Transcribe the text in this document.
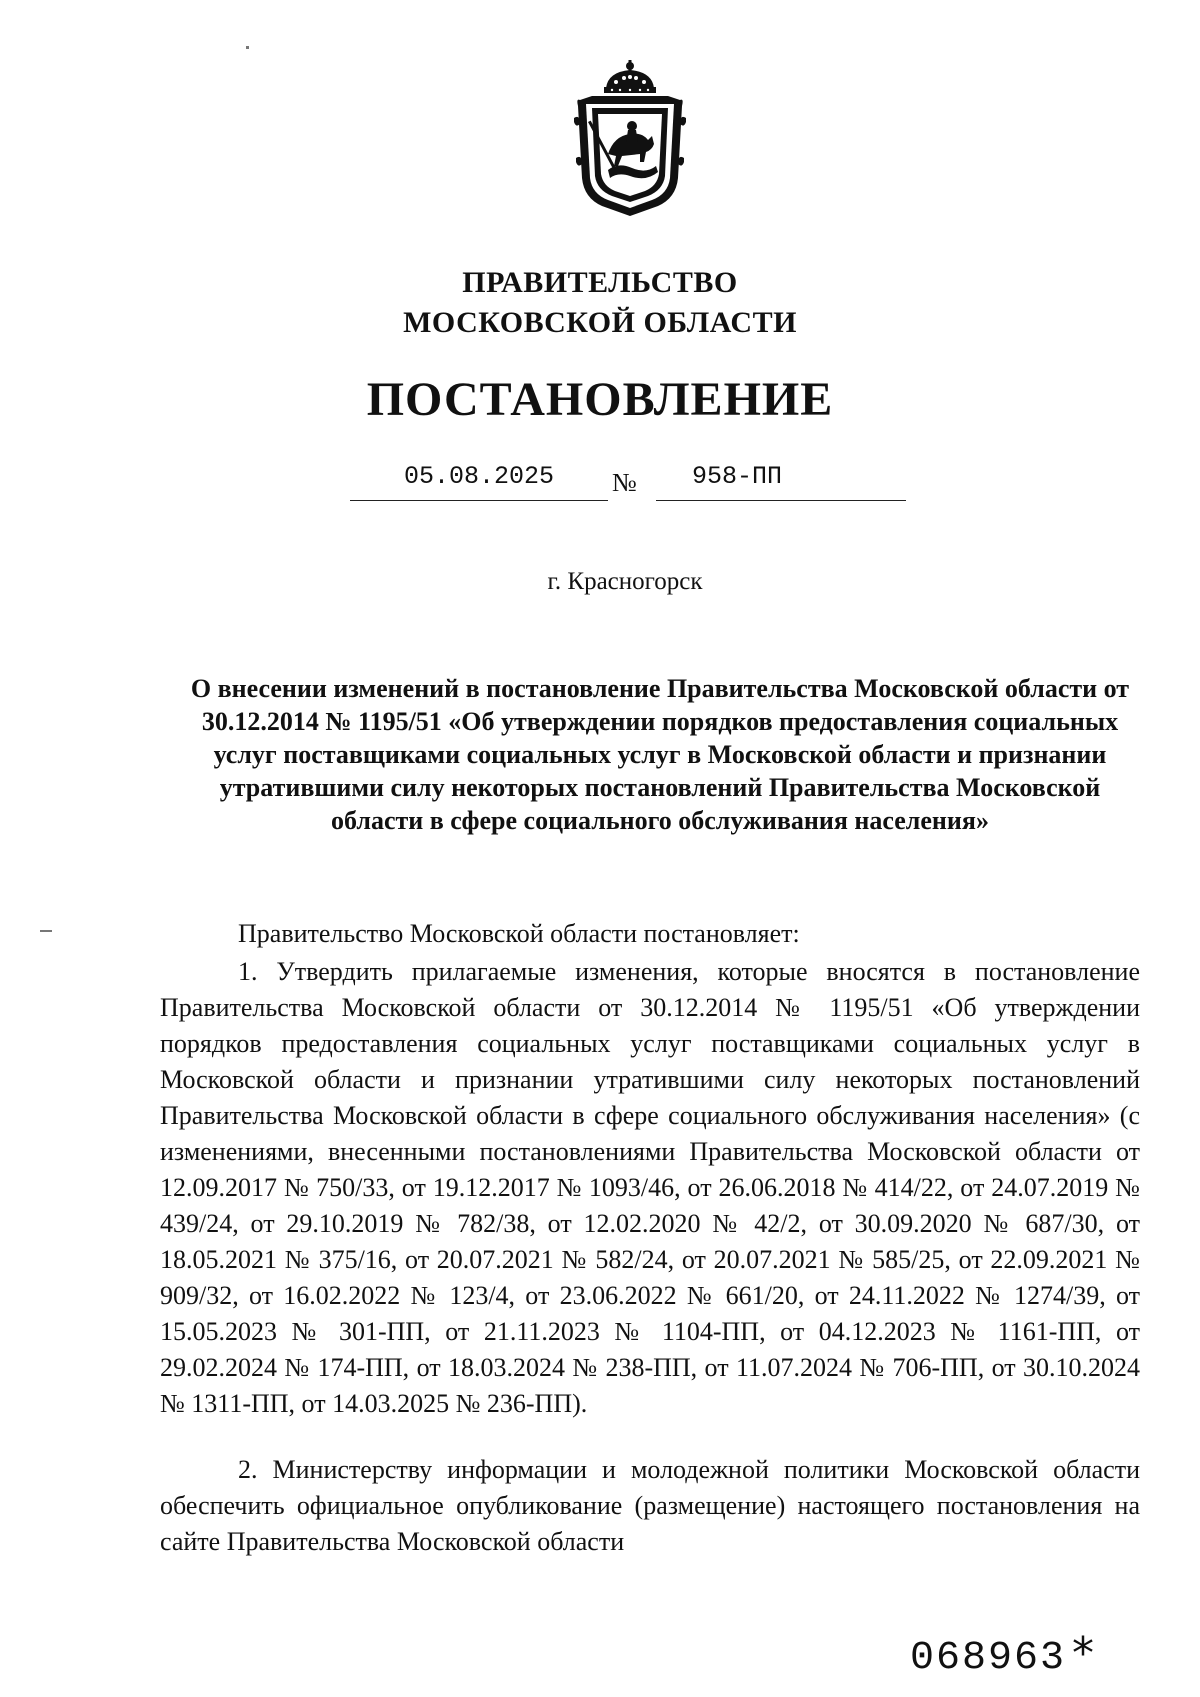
ПРАВИТЕЛЬСТВО
МОСКОВСКОЙ ОБЛАСТИ
ПОСТАНОВЛЕНИЕ
05.08.2025	№	958-ПП
г. Красногорск
О внесении изменений в постановление Правительства Московской области от 30.12.2014 № 1195/51 «Об утверждении порядков предоставления социальных услуг поставщиками социальных услуг в Московской области и признании утратившими силу некоторых постановлений Правительства Московской области в сфере социального обслуживания населения»
Правительство Московской области постановляет:
1. Утвердить прилагаемые изменения, которые вносятся в постановление Правительства Московской области от 30.12.2014 № 1195/51 «Об утверждении порядков предоставления социальных услуг поставщиками социальных услуг в Московской области и признании утратившими силу некоторых постановлений Правительства Московской области в сфере социального обслуживания населения» (с изменениями, внесенными постановлениями Правительства Московской области от 12.09.2017 № 750/33, от 19.12.2017 № 1093/46, от 26.06.2018 № 414/22, от 24.07.2019 № 439/24, от 29.10.2019 № 782/38, от 12.02.2020 № 42/2, от 30.09.2020 № 687/30, от 18.05.2021 № 375/16, от 20.07.2021 № 582/24, от 20.07.2021 № 585/25, от 22.09.2021 № 909/32, от 16.02.2022 № 123/4, от 23.06.2022 № 661/20, от 24.11.2022 № 1274/39, от 15.05.2023 № 301-ПП, от 21.11.2023 № 1104-ПП, от 04.12.2023 № 1161-ПП, от 29.02.2024 № 174-ПП, от 18.03.2024 № 238-ПП, от 11.07.2024 № 706-ПП, от 30.10.2024 № 1311-ПП, от 14.03.2025 № 236-ПП).
2. Министерству информации и молодежной политики Московской области обеспечить официальное опубликование (размещение) настоящего постановления на сайте Правительства Московской области
068963 *
